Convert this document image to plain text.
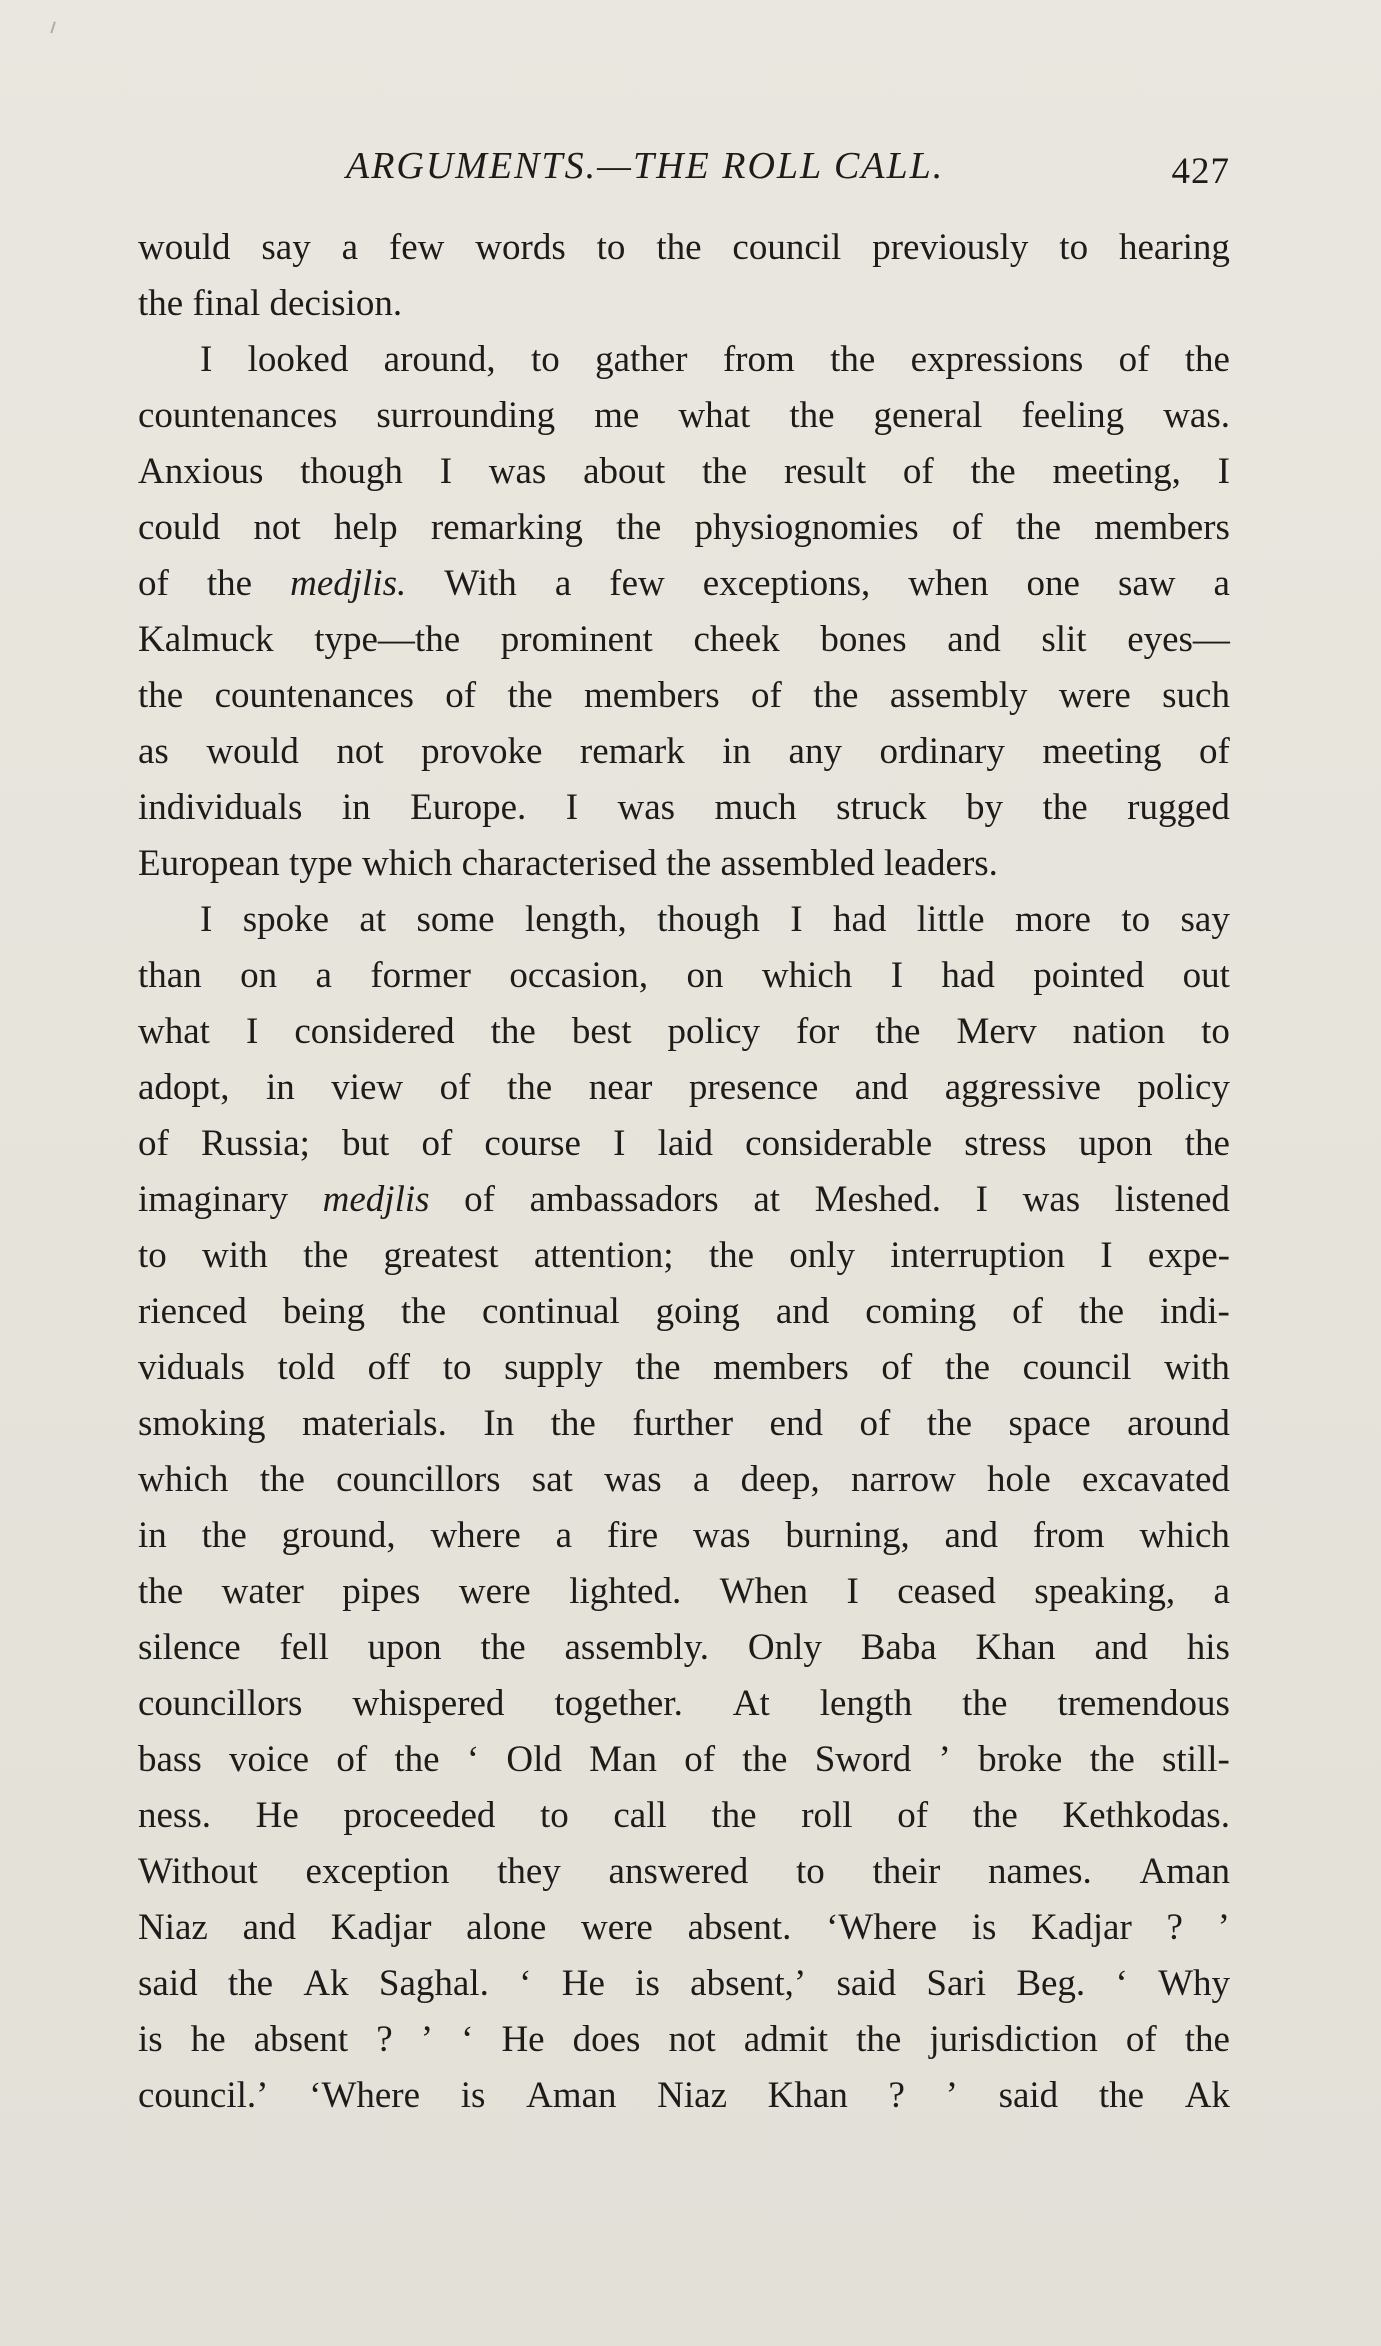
ARGUMENTS.—THE ROLL CALL.	427
would say a few words to the council previously to hearing
the
final
decision.
I looked around, to gather from the expressions of the
countenances surrounding me what the general feeling was.
Anxious though I was about the result of the meeting, I
could not help remarking the physiognomies of the members
of the medjlis. With a few exceptions, when one saw a
Kalmuck type—the prominent cheek bones and slit eyes—
the countenances of the members of the assembly were such
as would not provoke remark in any ordinary meeting of
individuals in Europe. I was much struck by the rugged
European
type
which
characterised
the
assembled
leaders.
I spoke at some length, though I had little more to say
than on a former occasion, on which I had pointed out
what I considered the best policy for the Merv nation to
adopt, in view of the near presence and aggressive policy
of Russia; but of course I laid considerable stress upon the
imaginary medjlis of ambassadors at Meshed. I was listened
to with the greatest attention; the only interruption I expe-
rienced being the continual going and coming of the indi-
viduals told off to supply the members of the council with
smoking materials. In the further end of the space around
which the councillors sat was a deep, narrow hole excavated
in the ground, where a fire was burning, and from which
the water pipes were lighted. When I ceased speaking, a
silence fell upon the assembly. Only Baba Khan and his
councillors whispered together. At length the tremendous
bass voice of the ‘ Old Man of the Sword ’ broke the still-
ness. He proceeded to call the roll of the Kethkodas.
Without exception they answered to their names. Aman
Niaz and Kadjar alone were absent. ‘Where is Kadjar ? ’
said the Ak Saghal. ‘ He is absent,’ said Sari Beg. ‘ Why
is he absent ? ’ ‘ He does not admit the jurisdiction of the
council.’ ‘Where is Aman Niaz Khan ? ’ said the Ak
